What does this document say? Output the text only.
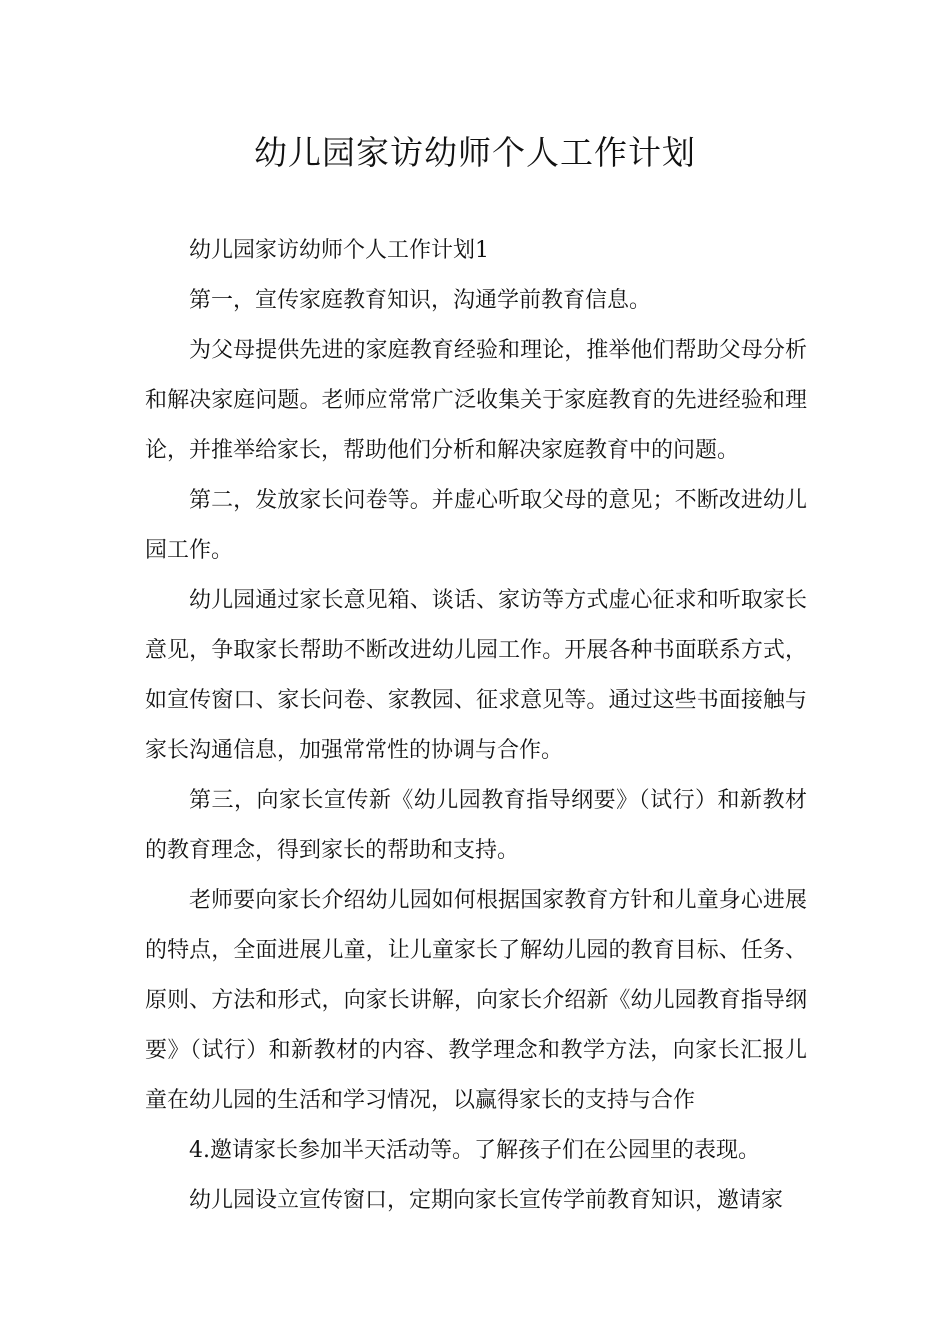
幼儿园家访幼师个人工作计划

幼儿园家访幼师个人工作计划1

第一，宣传家庭教育知识，沟通学前教育信息。

为父母提供先进的家庭教育经验和理论，推举他们帮助父母分析和解决家庭问题。老师应常常广泛收集关于家庭教育的先进经验和理论，并推举给家长，帮助他们分析和解决家庭教育中的问题。

第二，发放家长问卷等。并虚心听取父母的意见；不断改进幼儿园工作。

幼儿园通过家长意见箱、谈话、家访等方式虚心征求和听取家长意见，争取家长帮助不断改进幼儿园工作。开展各种书面联系方式，如宣传窗口、家长问卷、家教园、征求意见等。通过这些书面接触与家长沟通信息，加强常常性的协调与合作。

第三，向家长宣传新《幼儿园教育指导纲要》（试行）和新教材的教育理念，得到家长的帮助和支持。

老师要向家长介绍幼儿园如何根据国家教育方针和儿童身心进展的特点，全面进展儿童，让儿童家长了解幼儿园的教育目标、任务、原则、方法和形式，向家长讲解，向家长介绍新《幼儿园教育指导纲要》（试行）和新教材的内容、教学理念和教学方法，向家长汇报儿童在幼儿园的生活和学习情况，以赢得家长的支持与合作

4.邀请家长参加半天活动等。了解孩子们在公园里的表现。

幼儿园设立宣传窗口，定期向家长宣传学前教育知识，邀请家
